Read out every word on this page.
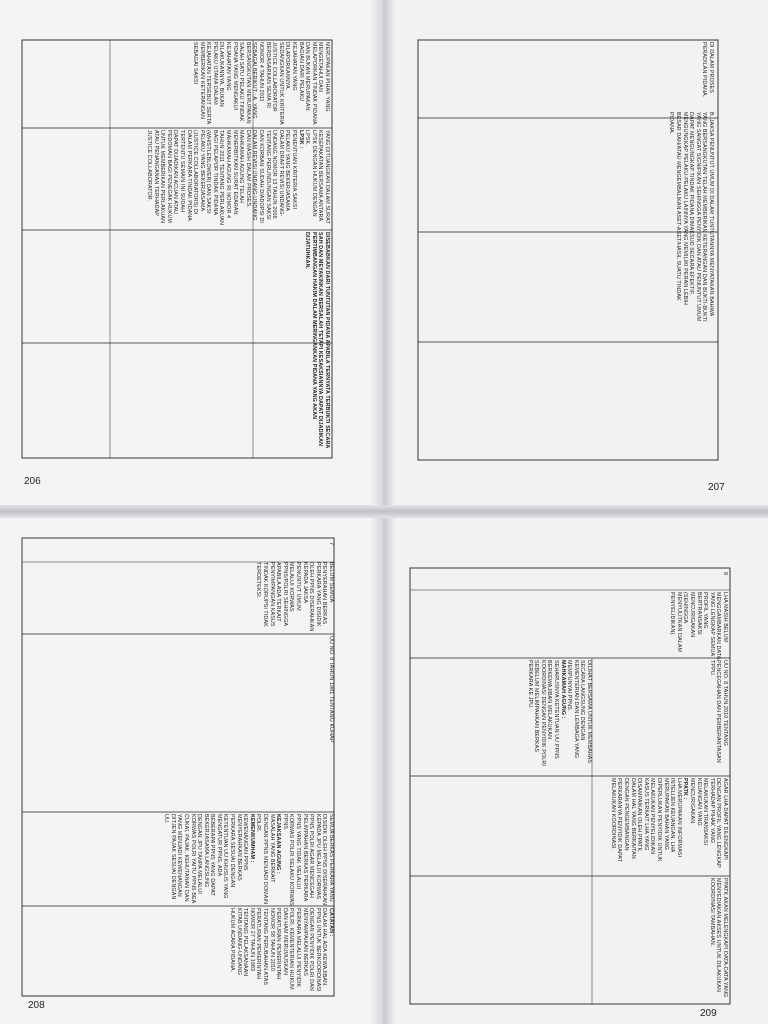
DISEBABKAN DARI TUNTUTAN PIDANA APABILA TERNYATA TERBUKTI SECARA SAH DAN MEYAKINKAN BERSALAH TETAPI KESAKSIANNYA DAPAT DIJADIKAN PERTIMBANGAN HAKIM DALAM MERINGANKAN PIDANA YANG AKAN DIJATUHKAN.
YANG DITUANGKAN DALAM SURAT KESEPAKATAN BERSAMA ANTARA LPSK DENGAN HUKUM DENGAN LPSK.
LPSK :
PENENTUAN KRITERIA SAKSI PELAKU YANG BEKERJASAMA DALAM DRAFT REVISI UNDANG-UNDANG NOMOR 13 TAHUN 2006 TENTANG PERLINDUNGAN SAKSI DAN KORBAN SUDAH DIADOPSI DI DALAM REVISI UNDANG-UNDANG DAN MASIH DALAM PROSES. MAHKAMAH AGUNG TELAH MENERBITKAN SURAT EDARAN MAHKAMAH AGUNG RI NOMOR 4 TAHUN 2011 TENTANG PERLAKUAN BAGI PELAPOR TINDAK PIDANA (WHISTLEBLOWER) DAN SAKSI PELAKU YANG BEKERJASAMA (JUSTICE COLLABORATORS) DI DALAM PERKARA TINDAK PIDANA TERTENTU SEMAIN INI SUDAH DAPAT DIJADIKAN ACUAN ATAU PEDOMAN BAGI PENEGAK HUKUM UNTUK MEMBERIKAN PERLAKUAN ATAU PENANGANAN TERHADAP JUSTICE COLLABORATOR.
MERUPAKAN PIHAK YANG MENGETAHUI DAN MELAPORKAN TINDAK PIDANA DAN BUKAN MERUPAKAN BAGIAN DARI PELAKU KEJAHATAN YANG DILAPORKANNYA. SEDANGKAN UNTUK KRITERIA JUSTICE COLLABORATOR BERDASARKAN SEMA RI NOMOR 4 TAHUN 2011 SEBAGAI BERIKUT : A. YANG BERSANGKUTAN MERUPAKAN SALAH SATU PELAKU TINDAK PIDANA YANG MENGAKUI KEJAHATAN YANG DILAKUKANNYA, BUKAN PELAKU UTAMA DALAM KEJAHATAN TERSEBUT SERTA MEMBERIKAN KETERANGAN SEBAGAI SAKSI
206
DI DALAM PROSES PERADILAN PIDANA.
B. JAKSA PENUNTUT UMUM DI DALAM TUNTUTANNYA MENYATAKAN BAHWA YANG BERSANGKUTAN TELAH MEMBERIKAN KETERANGAN DAN BUKTI-BUKTI YANG SANGAT SIGNIFIKAN SEHINGGA PENYIDIK DAN ATAU PENUNTUT UMUM DAPAT MENGUNGKAP TINDAK PIDANA DIMAKSUD SECARA EFEKTIF, MENGUNGKAP PELAKU-PELAKU LAINNYA YANG MEMILIKI PERAN LEBIH BESAR DAN/ATAU MENGEMBALIKAN ASET-ASET/HASIL SUATU TINDAK PIDANA.
207
7
BELUM SEMUA PENYERAHAN BERKAS PERKARA YANG DISIDIK OLEH PPNS DISERAHKAN KEPADA JAKSA PENUNTUT UMUM MELALUI KORWAS PPNS/POLRI SEHINGGA APABILA ADA TERKAIT PENYIMPANGAN KASUS TINDAK KORUPSI TIDAK TERDETEKSI.
UU NO. 8 TAHUN 1981 TENTANG KUHAP
SEMUA BERKAS PERKARA YANG DISIDIK OLEH PPNS DISERAHKAN KEPADA JPU MELALUI KORWAS PPNS POLRI AGAR MENCEGAH PELIMPAHAN BERKAS PERKARA PPNS YANG TIDAK MELALUI KORWAS POLRI SELAKU KORWAS PPNS.
KEJAKSAAN AGUNG :
MASALAH YANG BERKAIT DENGAN PPNS MENJADI DOMAIN POLRI.
KEMENKUMHAM :
KEWENANGAN PPNS MENYERAHKAN BERKAS PERKARA SESUAI DENGAN KETENTUAN UU KHUSUS YANG MENGATUR PPNS, ADA BEBERAPA PPNS YANG DAPAT BEKERJASAMA LANGSUNG DENGAN JPU TANPA MELALUI KORWAS POLRI YAITU PPNS BEA CUKAI, PAJAK, KEHUTANAN DAN YANG MENJADI KEWENANGAN DITJEN PAJAK SESUAI DENGAN UU.
CATATAN :
DALAM HAL ADA KEWAJIBAN PPNS UNTUK BERKOORDINASI DENGAN PENYIDIK POLRI DAN MENYAMPAIKAN BERKAS PERKARA MELALUI PENYIDIK POLRI, KEMENTERIAN HUKUM DAN HAM MERUMUSKAN PERATURAN PEMERINTAH NOMOR 58 TAHUN 2010 TENTANG PERUBAHAN ATAS PERATURAN PEMERINTAH NOMOR 27 TAHUN 1983 TENTANG PELAKSANAAN KITAB UNDANG-UNDANG HUKUM ACARA PIDANA.
208
8
LHA MASIH BELUM MENGGAMBARKAN DATA YANG LENGKAP SEMUA PROFIL YANG BERTRANSAKSI MENCURIGAKAN (SEHINGGA MENYULITKAN DALAM PENYELIDIKAN).
UU NO. 8 TAHUN 2010 TENTANG PENCEGAHAN DAN PEMBERANTASAN TPPU.
DILIHAT BERSAMA UNTUK MEMBAHAS SECARA LANGSUNG DENGAN KEMENTERIAN DAN LEMBAGA YANG MEMPUNYAI PPNS.
MAHKAMAH AGUNG :
SEHARUSNYA KETENTUAN UU PPNS BERKEWAJIBAN MELAKUKAN KOORDINASI DENGAN PENYIDIK POLRI SEBELUM MELIMPAHKAN BERKAS PERKARA KE JPU.
AGAR LHA DAPAT DILENGKAPI DENGAN PROFIL YANG LENGKAP TERHADAP PIHAK YANG MELAKUKAN TRANSAKSI KEUANGAN YANG MENCURIGAKAN.
PPATK :
LHA MERUPAKAN INFORMASI INTELIJEN KEUANGAN. LHA MERUPAKAN BAHAN YANG DIPERLUKAN PENYIDIK UNTUK MELAKUKAN PENYELIDIKAN KASUS TERKAIT LHA YANG DISAMPAIKAN OLEH PPATK. DALAM HAL YANG BERKAITAN DENGAN PENGEMBANGAN PERKARANYA PENYIDIK DAPAT MELAKUKAN KOORDINASI.
PPATK AKAN MELENGKAPI DATA-DATA YANG MENYEDIAKAN AKSES UNTUK DILAKUKAN KOORDINASI TAMBAHAN.
209
